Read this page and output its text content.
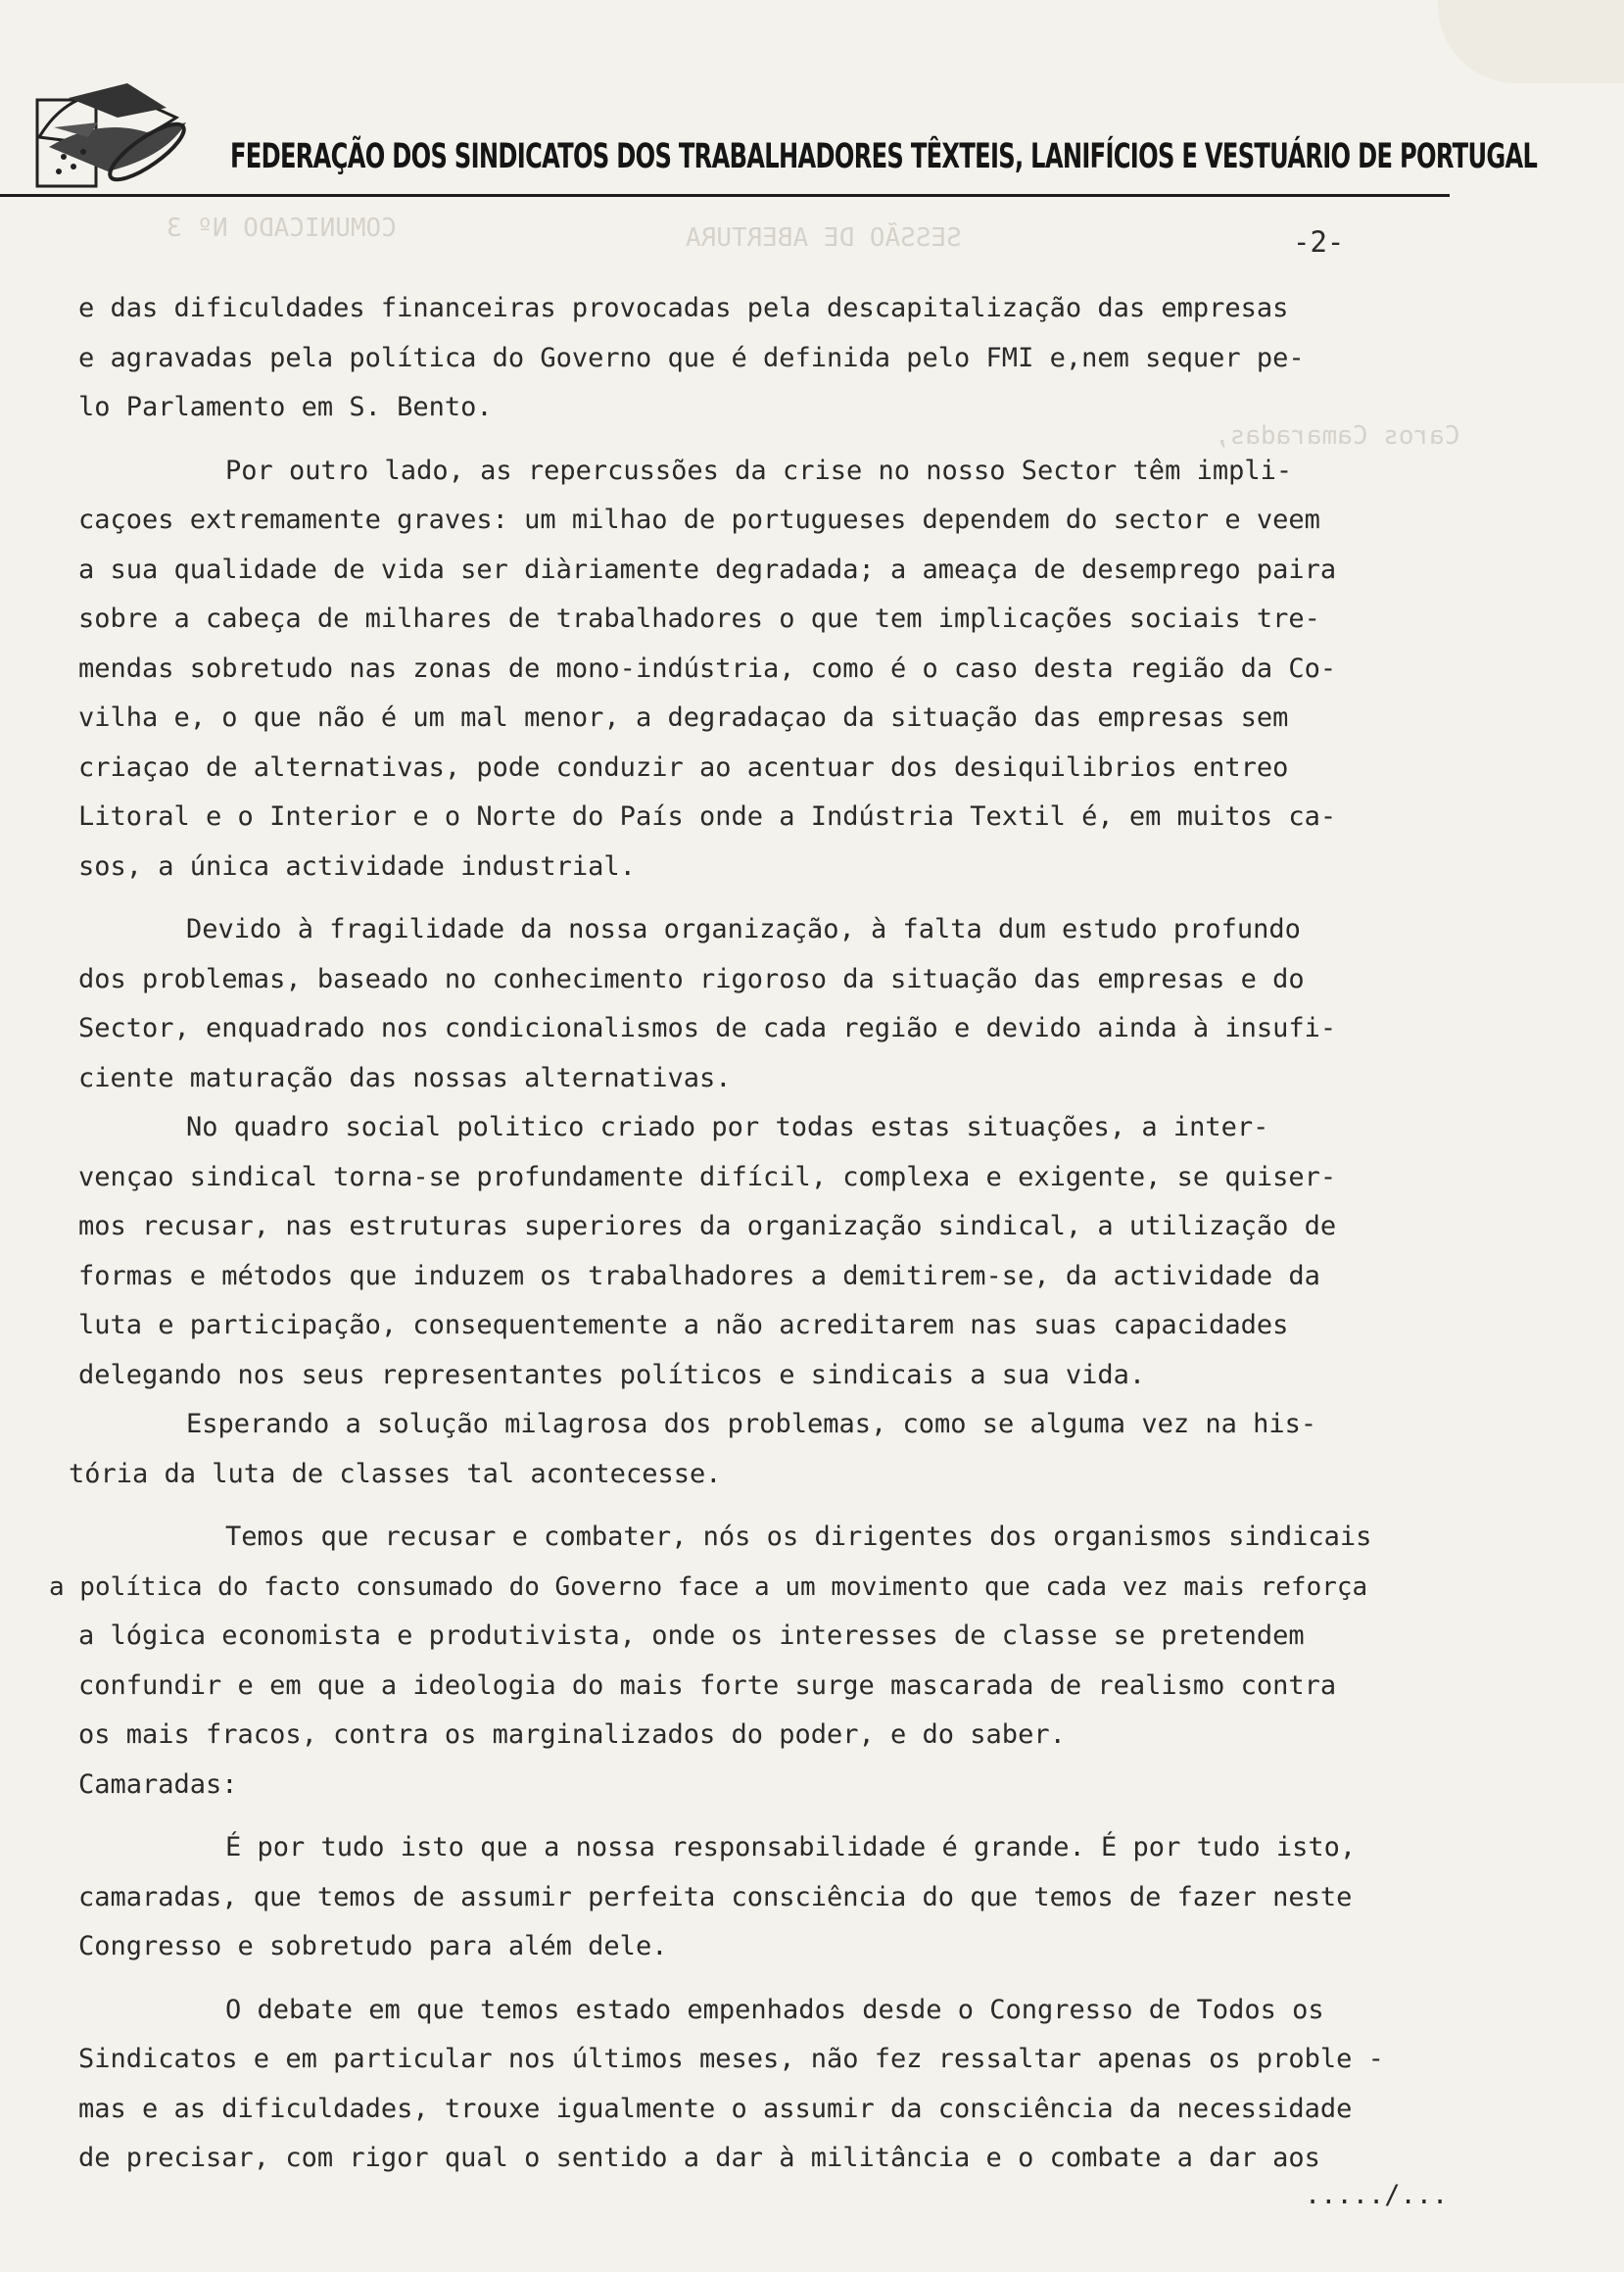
COMUNICADO Nº 3	SESSÃO DE ABERTURA
Caros Camaradas,
FEDERAÇÃO DOS SINDICATOS DOS TRABALHADORES TÊXTEIS, LANIFÍCIOS E VESTUÁRIO DE PORTUGAL
-2-
e das dificuldades financeiras provocadas pela descapitalização das empresas
e agravadas pela política do Governo que é definida pelo FMI e,nem sequer pe-
lo Parlamento em S. Bento.
Por outro lado, as repercussões da crise no nosso Sector têm impli-
caçoes extremamente graves: um milhao de portugueses dependem do sector e veem
a sua qualidade de vida ser diàriamente degradada; a ameaça de desemprego paira
sobre a cabeça de milhares de trabalhadores o que tem implicações sociais tre-
mendas sobretudo nas zonas de mono-indústria, como é o caso desta região da Co-
vilha e, o que não é um mal menor, a degradaçao da situação das empresas sem
criaçao de alternativas, pode conduzir ao acentuar dos desiquilibrios entreo
Litoral e o Interior e o Norte do País onde a Indústria Textil é, em muitos ca-
sos, a única actividade industrial.
Devido à fragilidade da nossa organização, à falta dum estudo profundo
dos problemas, baseado no conhecimento rigoroso da situação das empresas e do
Sector, enquadrado nos condicionalismos de cada região e devido ainda à insufi-
ciente maturação das nossas alternativas.
No quadro social politico criado por todas estas situações, a inter-
vençao sindical torna-se profundamente difícil, complexa e exigente, se quiser-
mos recusar, nas estruturas superiores da organização sindical, a utilização de
formas e métodos que induzem os trabalhadores a demitirem-se, da actividade da
luta e participação, consequentemente a não acreditarem nas suas capacidades
delegando nos seus representantes políticos e sindicais a sua vida.
Esperando a solução milagrosa dos problemas, como se alguma vez na his-
tória da luta de classes tal acontecesse.
Temos que recusar e combater, nós os dirigentes dos organismos sindicais
a política do facto consumado do Governo face a um movimento que cada vez mais reforça
a lógica economista e produtivista, onde os interesses de classe se pretendem
confundir e em que a ideologia do mais forte surge mascarada de realismo contra
os mais fracos, contra os marginalizados do poder, e do saber.
Camaradas:
É por tudo isto que a nossa responsabilidade é grande. É por tudo isto,
camaradas, que temos de assumir perfeita consciência do que temos de fazer neste
Congresso e sobretudo para além dele.
O debate em que temos estado empenhados desde o Congresso de Todos os
Sindicatos e em particular nos últimos meses, não fez ressaltar apenas os proble -
mas e as dificuldades, trouxe igualmente o assumir da consciência da necessidade
de precisar, com rigor qual o sentido a dar à militância e o combate a dar aos
...../...
